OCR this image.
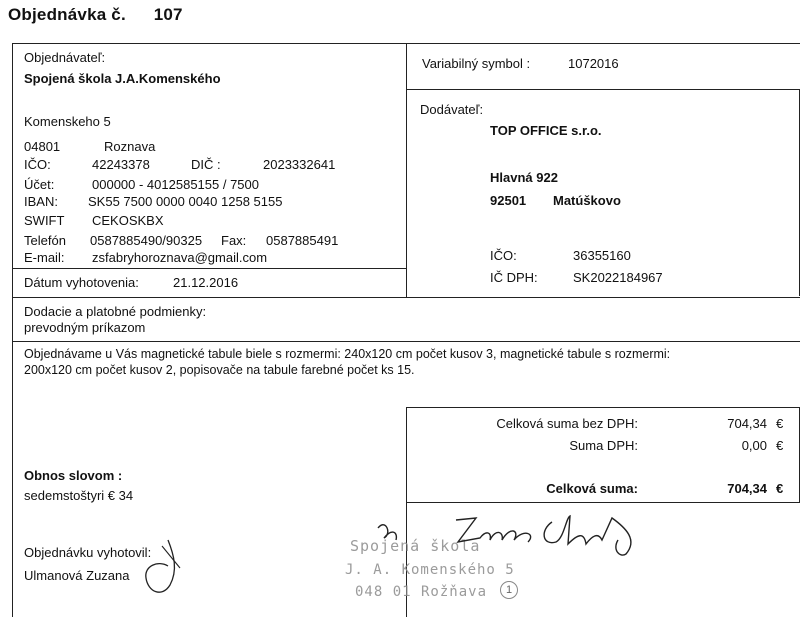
Objednávka č. 107
Objednávateľ:
Spojená škola J.A.Komenského
Komenskeho 5
04801	Roznava
IČO:	42243378	DIČ :	2023332641
Účet:	000000 - 4012585155 / 7500
IBAN: SK55 7500 0000 0040 1258 5155
SWIFT CEKOSKBX
Telefón 0587885490/90325 Fax: 0587885491
E-mail: zsfabryhoroznava@gmail.com
Dátum vyhotovenia:	21.12.2016
Variabilný symbol :	1072016
Dodávateľ:
TOP OFFICE s.r.o.
Hlavná 922
92501 Matúškovo
IČO:	36355160
IČ DPH:	SK2022184967
Dodacie a platobné podmienky:
prevodným príkazom
Objednávame u Vás magnetické tabule biele s rozmermi: 240x120 cm počet kusov 3, magnetické tabule s rozmermi:
200x120 cm počet kusov 2, popisovače na tabule farebné počet ks 15.
Celková suma bez DPH:	704,34 €
Suma DPH:	0,00 €
Celková suma:	704,34 €
Obnos slovom :
sedemstoštyri € 34
Objednávku vyhotovil:
Ulmanová Zuzana
Spojená škola
J. A. Komenského 5
048 01 Rožňava	1
